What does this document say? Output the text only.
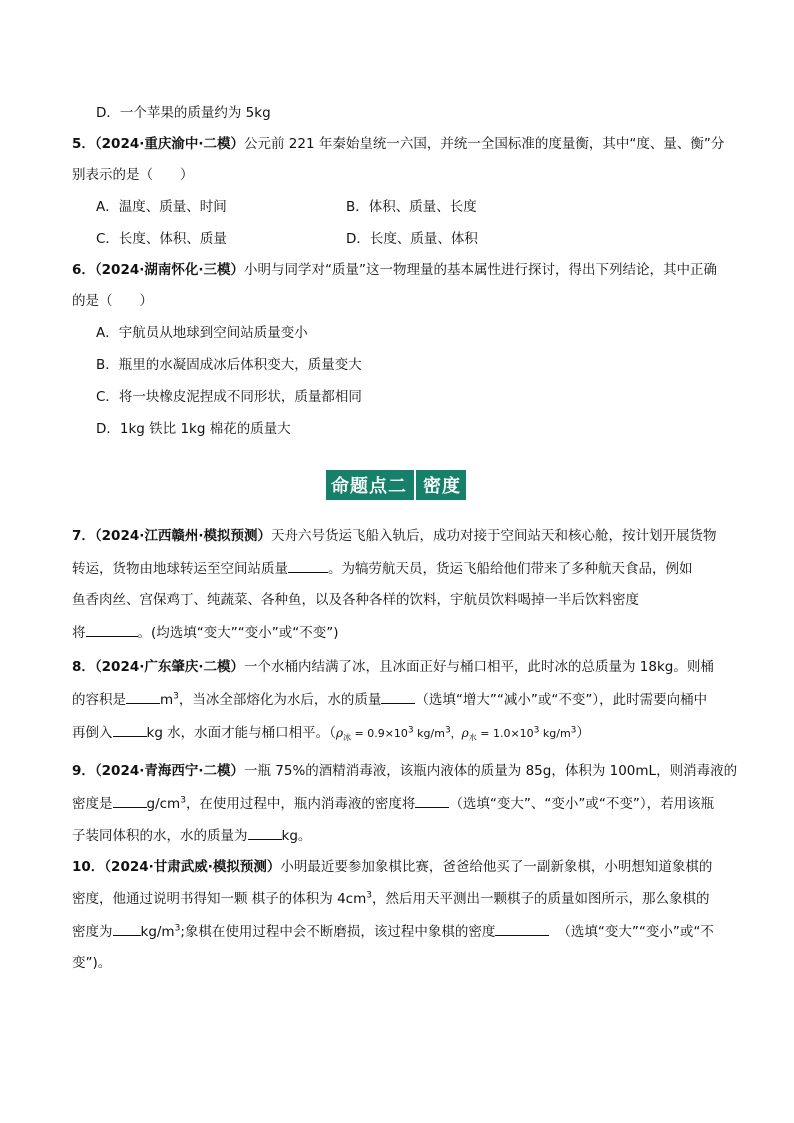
D．一个苹果的质量约为 5kg
5．（2024·重庆渝中·二模）公元前 221 年秦始皇统一六国，并统一全国标准的度量衡，其中“度、量、衡”分
别表示的是（　　）
A．温度、质量、时间	B．体积、质量、长度
C．长度、体积、质量	D．长度、质量、体积
6．（2024·湖南怀化·三模）小明与同学对“质量”这一物理量的基本属性进行探讨，得出下列结论，其中正确
的是（　　）
A．宇航员从地球到空间站质量变小
B．瓶里的水凝固成冰后体积变大，质量变大
C．将一块橡皮泥捏成不同形状，质量都相同
D．1kg 铁比 1kg 棉花的质量大
命题点二 密度
7．（2024·江西赣州·模拟预测）天舟六号货运飞船入轨后，成功对接于空间站天和核心舱，按计划开展货物
转运，货物由地球转运至空间站质量	。为犒劳航天员，货运飞船给他们带来了多种航天食品，例如
鱼香肉丝、宫保鸡丁、纯蔬菜、各种鱼，以及各种各样的饮料，宇航员饮料喝掉一半后饮料密度
将	。(均选填“变大”“变小”或“不变”)
8．（2024·广东肇庆·二模）一个水桶内结满了冰，且冰面正好与桶口相平，此时冰的总质量为 18kg。则桶
的容积是	$m^3$，当冰全部熔化为水后，水的质量	（选填“增大”“减小”或“不变”），此时需要向桶中
再倒入	kg 水，水面才能与桶口相平。（$\rho_冰 = 0.9\times 10^3$ $kg/m^3$，$\rho_水 = 1.0\times 10^3$ $kg/m^3$）
9．（2024·青海西宁·二模）一瓶 75%的酒精消毒液，该瓶内液体的质量为 85g，体积为 100mL，则消毒液的
密度是	$g/cm^3$，在使用过程中，瓶内消毒液的密度将	（选填“变大”、“变小”或“不变”），若用该瓶
子装同体积的水，水的质量为	kg。
10．（2024·甘肃武威·模拟预测）小明最近要参加象棋比赛，爸爸给他买了一副新象棋，小明想知道象棋的
密度，他通过说明书得知一颗 棋子的体积为 $4cm^3$，然后用天平测出一颗棋子的质量如图所示，那么象棋的
密度为 $kg/m^3$;象棋在使用过程中会不断磨损，该过程中象棋的密度	（选填“变大”“变小”或“不
变”)。
